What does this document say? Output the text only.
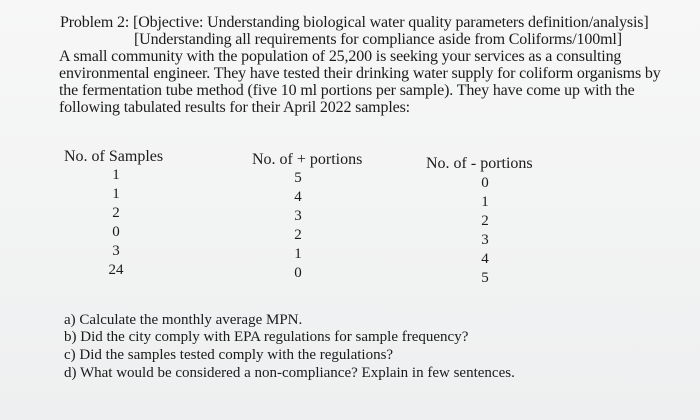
Problem 2: [Objective: Understanding biological water quality parameters definition/analysis]
[Understanding all requirements for compliance aside from Coliforms/100ml]
A small community with the population of 25,200 is seeking your services as a consulting
environmental engineer. They have tested their drinking water supply for coliform organisms by
the fermentation tube method (five 10 ml portions per sample). They have come up with the
following tabulated results for their April 2022 samples:
No. of Samples	No. of + portions	No. of - portions
1
1
2
0
3
24
5
4
3
2
1
0
0
1
2
3
4
5
a) Calculate the monthly average MPN.
b) Did the city comply with EPA regulations for sample frequency?
c) Did the samples tested comply with the regulations?
d) What would be considered a non-compliance? Explain in few sentences.
